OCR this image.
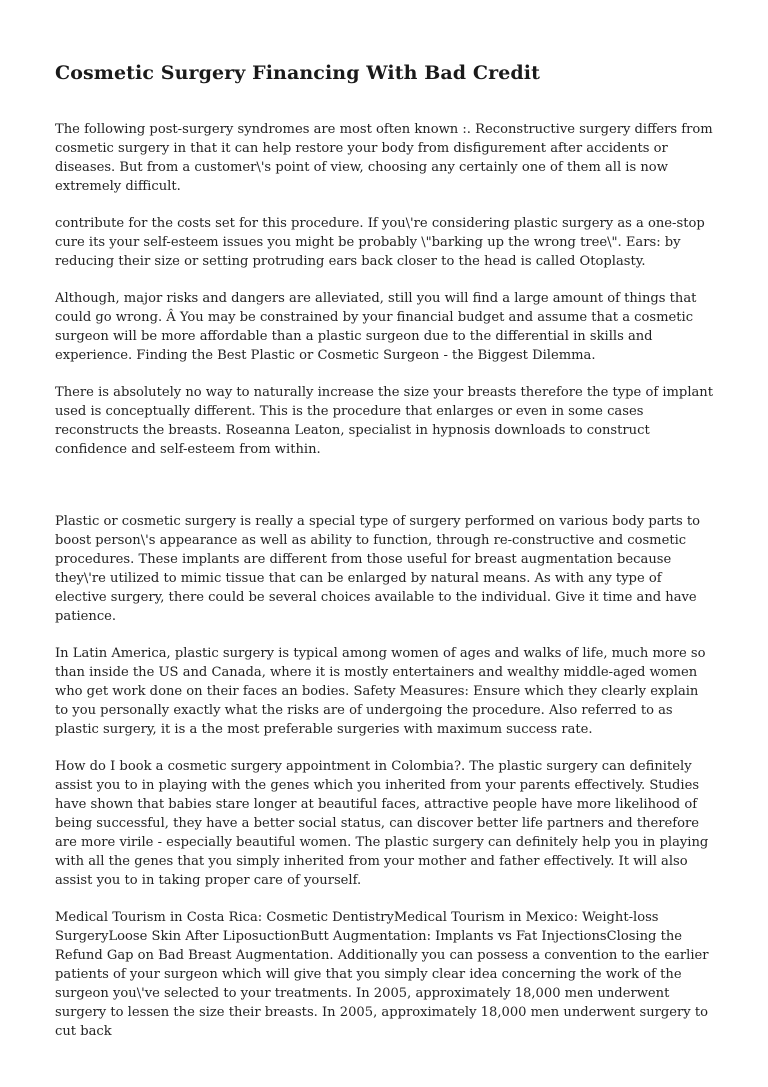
Cosmetic Surgery Financing With Bad Credit

The following post-surgery syndromes are most often known :. Reconstructive surgery differs from cosmetic surgery in that it can help restore your body from disfigurement after accidents or diseases. But from a customer\'s point of view, choosing any certainly one of them all is now extremely difficult.

contribute for the costs set for this procedure. If you\'re considering plastic surgery as a one-stop cure its your self-esteem issues you might be probably \"barking up the wrong tree\". Ears: by reducing their size or setting protruding ears back closer to the head is called Otoplasty.

Although, major risks and dangers are alleviated, still you will find a large amount of things that could go wrong. Â You may be constrained by your financial budget and assume that a cosmetic surgeon will be more affordable than a plastic surgeon due to the differential in skills and experience. Finding the Best Plastic or Cosmetic Surgeon - the Biggest Dilemma.

There is absolutely no way to naturally increase the size your breasts therefore the type of implant used is conceptually different. This is the procedure that enlarges or even in some cases reconstructs the breasts. Roseanna Leaton, specialist in hypnosis downloads to construct confidence and self-esteem from within.

Plastic or cosmetic surgery is really a special type of surgery performed on various body parts to boost person\'s appearance as well as ability to function, through re-constructive and cosmetic procedures. These implants are different from those useful for breast augmentation because they\'re utilized to mimic tissue that can be enlarged by natural means. As with any type of elective surgery, there could be several choices available to the individual. Give it time and have patience.

In Latin America, plastic surgery is typical among women of ages and walks of life, much more so than inside the US and Canada, where it is mostly entertainers and wealthy middle-aged women who get work done on their faces an bodies. Safety Measures: Ensure which they clearly explain to you personally exactly what the risks are of undergoing the procedure. Also referred to as plastic surgery, it is a the most preferable surgeries with maximum success rate.

How do I book a cosmetic surgery appointment in Colombia?. The plastic surgery can definitely assist you to in playing with the genes which you inherited from your parents effectively. Studies have shown that babies stare longer at beautiful faces, attractive people have more likelihood of being successful, they have a better social status, can discover better life partners and therefore are more virile - especially beautiful women. The plastic surgery can definitely help you in playing with all the genes that you simply inherited from your mother and father effectively. It will also assist you to in taking proper care of yourself.

Medical Tourism in Costa Rica: Cosmetic DentistryMedical Tourism in Mexico: Weight-loss SurgeryLoose Skin After LiposuctionButt Augmentation: Implants vs Fat InjectionsClosing the Refund Gap on Bad Breast Augmentation. Additionally you can possess a convention to the earlier patients of your surgeon which will give that you simply clear idea concerning the work of the surgeon you\'ve selected to your treatments. In 2005, approximately 18,000 men underwent surgery to lessen the size their breasts. In 2005, approximately 18,000 men underwent surgery to cut back
